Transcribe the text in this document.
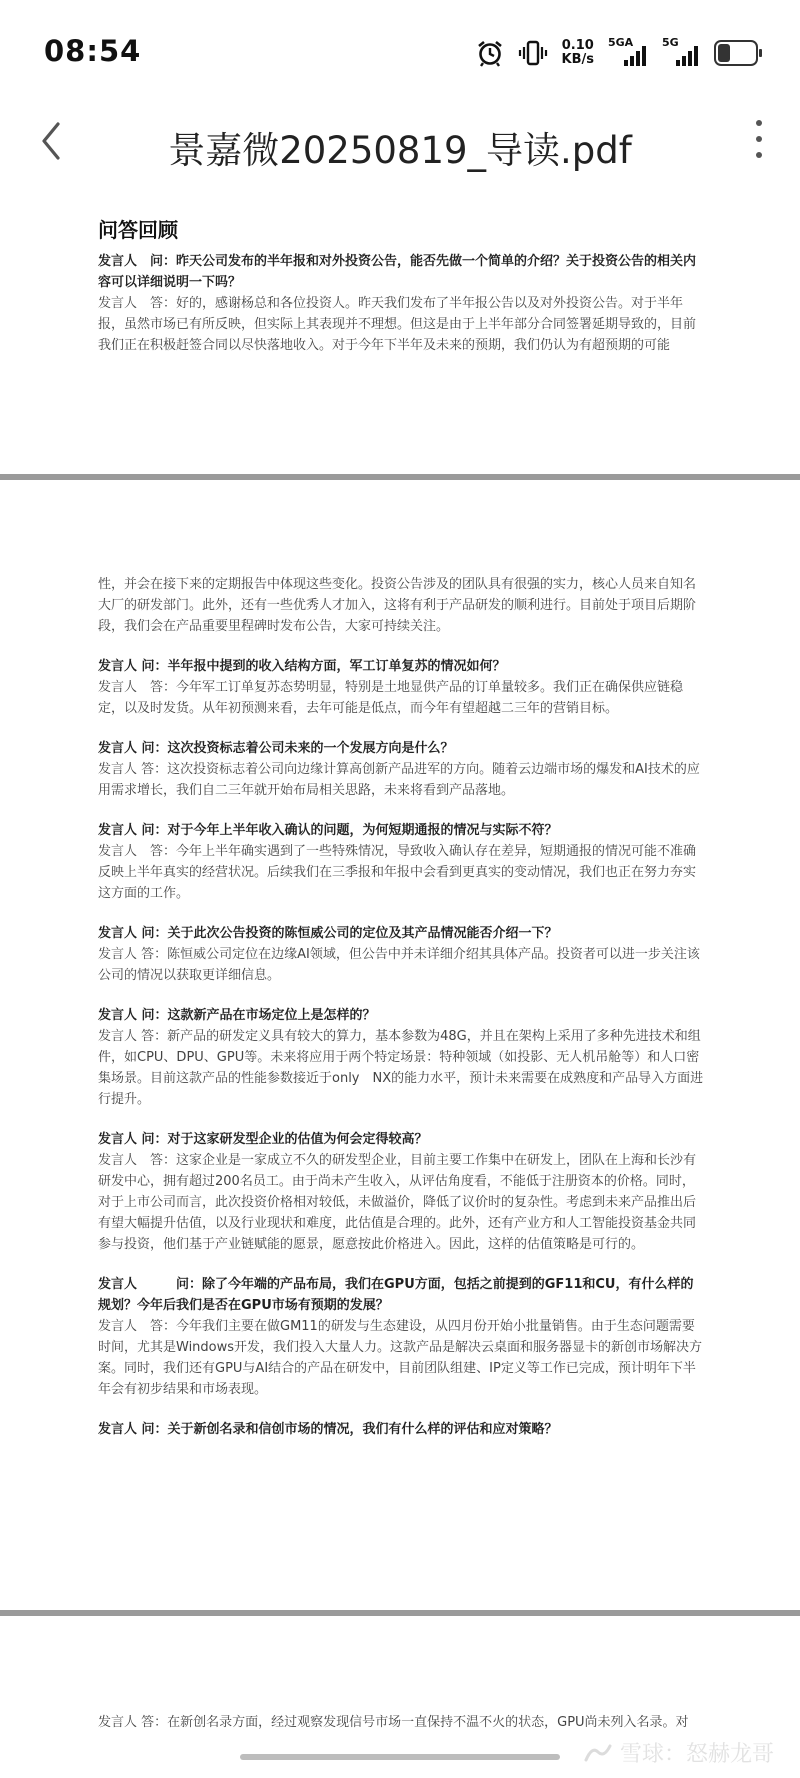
08:54	0.10
KB/s
5GA	5G
景嘉微20250819_导读.pdf
问答回顾

发言人　问：昨天公司发布的半年报和对外投资公告，能否先做一个简单的介绍？关于投资公告的相关内容可以详细说明一下吗？

发言人　答：好的，感谢杨总和各位投资人。昨天我们发布了半年报公告以及对外投资公告。对于半年报，虽然市场已有所反映，但实际上其表现并不理想。但这是由于上半年部分合同签署延期导致的，目前我们正在积极赶签合同以尽快落地收入。对于今年下半年及未来的预期，我们仍认为有超预期的可能

性，并会在接下来的定期报告中体现这些变化。投资公告涉及的团队具有很强的实力，核心人员来自知名大厂的研发部门。此外，还有一些优秀人才加入，这将有利于产品研发的顺利进行。目前处于项目后期阶段，我们会在产品重要里程碑时发布公告，大家可持续关注。

发言人 问：半年报中提到的收入结构方面，军工订单复苏的情况如何？

发言人　答：今年军工订单复苏态势明显，特别是土地显供产品的订单量较多。我们正在确保供应链稳定，以及时发货。从年初预测来看，去年可能是低点，而今年有望超越二三年的营销目标。

发言人 问：这次投资标志着公司未来的一个发展方向是什么？

发言人 答：这次投资标志着公司向边缘计算高创新产品进军的方向。随着云边端市场的爆发和AI技术的应用需求增长，我们自二三年就开始布局相关思路，未来将看到产品落地。

发言人 问：对于今年上半年收入确认的问题，为何短期通报的情况与实际不符？

发言人　答：今年上半年确实遇到了一些特殊情况，导致收入确认存在差异，短期通报的情况可能不准确反映上半年真实的经营状况。后续我们在三季报和年报中会看到更真实的变动情况，我们也正在努力夯实这方面的工作。

发言人 问：关于此次公告投资的陈恒威公司的定位及其产品情况能否介绍一下？

发言人 答：陈恒威公司定位在边缘AI领域，但公告中并未详细介绍其具体产品。投资者可以进一步关注该公司的情况以获取更详细信息。

发言人 问：这款新产品在市场定位上是怎样的？

发言人 答：新产品的研发定义具有较大的算力，基本参数为48G，并且在架构上采用了多种先进技术和组件，如CPU、DPU、GPU等。未来将应用于两个特定场景：特种领域（如投影、无人机吊舱等）和人口密集场景。目前这款产品的性能参数接近于only　NX的能力水平，预计未来需要在成熟度和产品导入方面进行提升。

发言人 问：对于这家研发型企业的估值为何会定得较高？

发言人　答：这家企业是一家成立不久的研发型企业，目前主要工作集中在研发上，团队在上海和长沙有研发中心，拥有超过200名员工。由于尚未产生收入，从评估角度看，不能低于注册资本的价格。同时，对于上市公司而言，此次投资价格相对较低，未做溢价，降低了议价时的复杂性。考虑到未来产品推出后有望大幅提升估值，以及行业现状和难度，此估值是合理的。此外，还有产业方和人工智能投资基金共同参与投资，他们基于产业链赋能的愿景，愿意按此价格进入。因此，这样的估值策略是可行的。

发言人　　　问：除了今年端的产品布局，我们在GPU方面，包括之前提到的GF11和CU，有什么样的规划？今年后我们是否在GPU市场有预期的发展？

发言人　答：今年我们主要在做GM11的研发与生态建设，从四月份开始小批量销售。由于生态问题需要时间，尤其是Windows开发，我们投入大量人力。这款产品是解决云桌面和服务器显卡的新创市场解决方案。同时，我们还有GPU与AI结合的产品在研发中，目前团队组建、IP定义等工作已完成，预计明年下半年会有初步结果和市场表现。

发言人 问：关于新创名录和信创市场的情况，我们有什么样的评估和应对策略？

发言人 答：在新创名录方面，经过观察发现信号市场一直保持不温不火的状态，GPU尚未列入名录。对

雪球：怒赫龙哥
